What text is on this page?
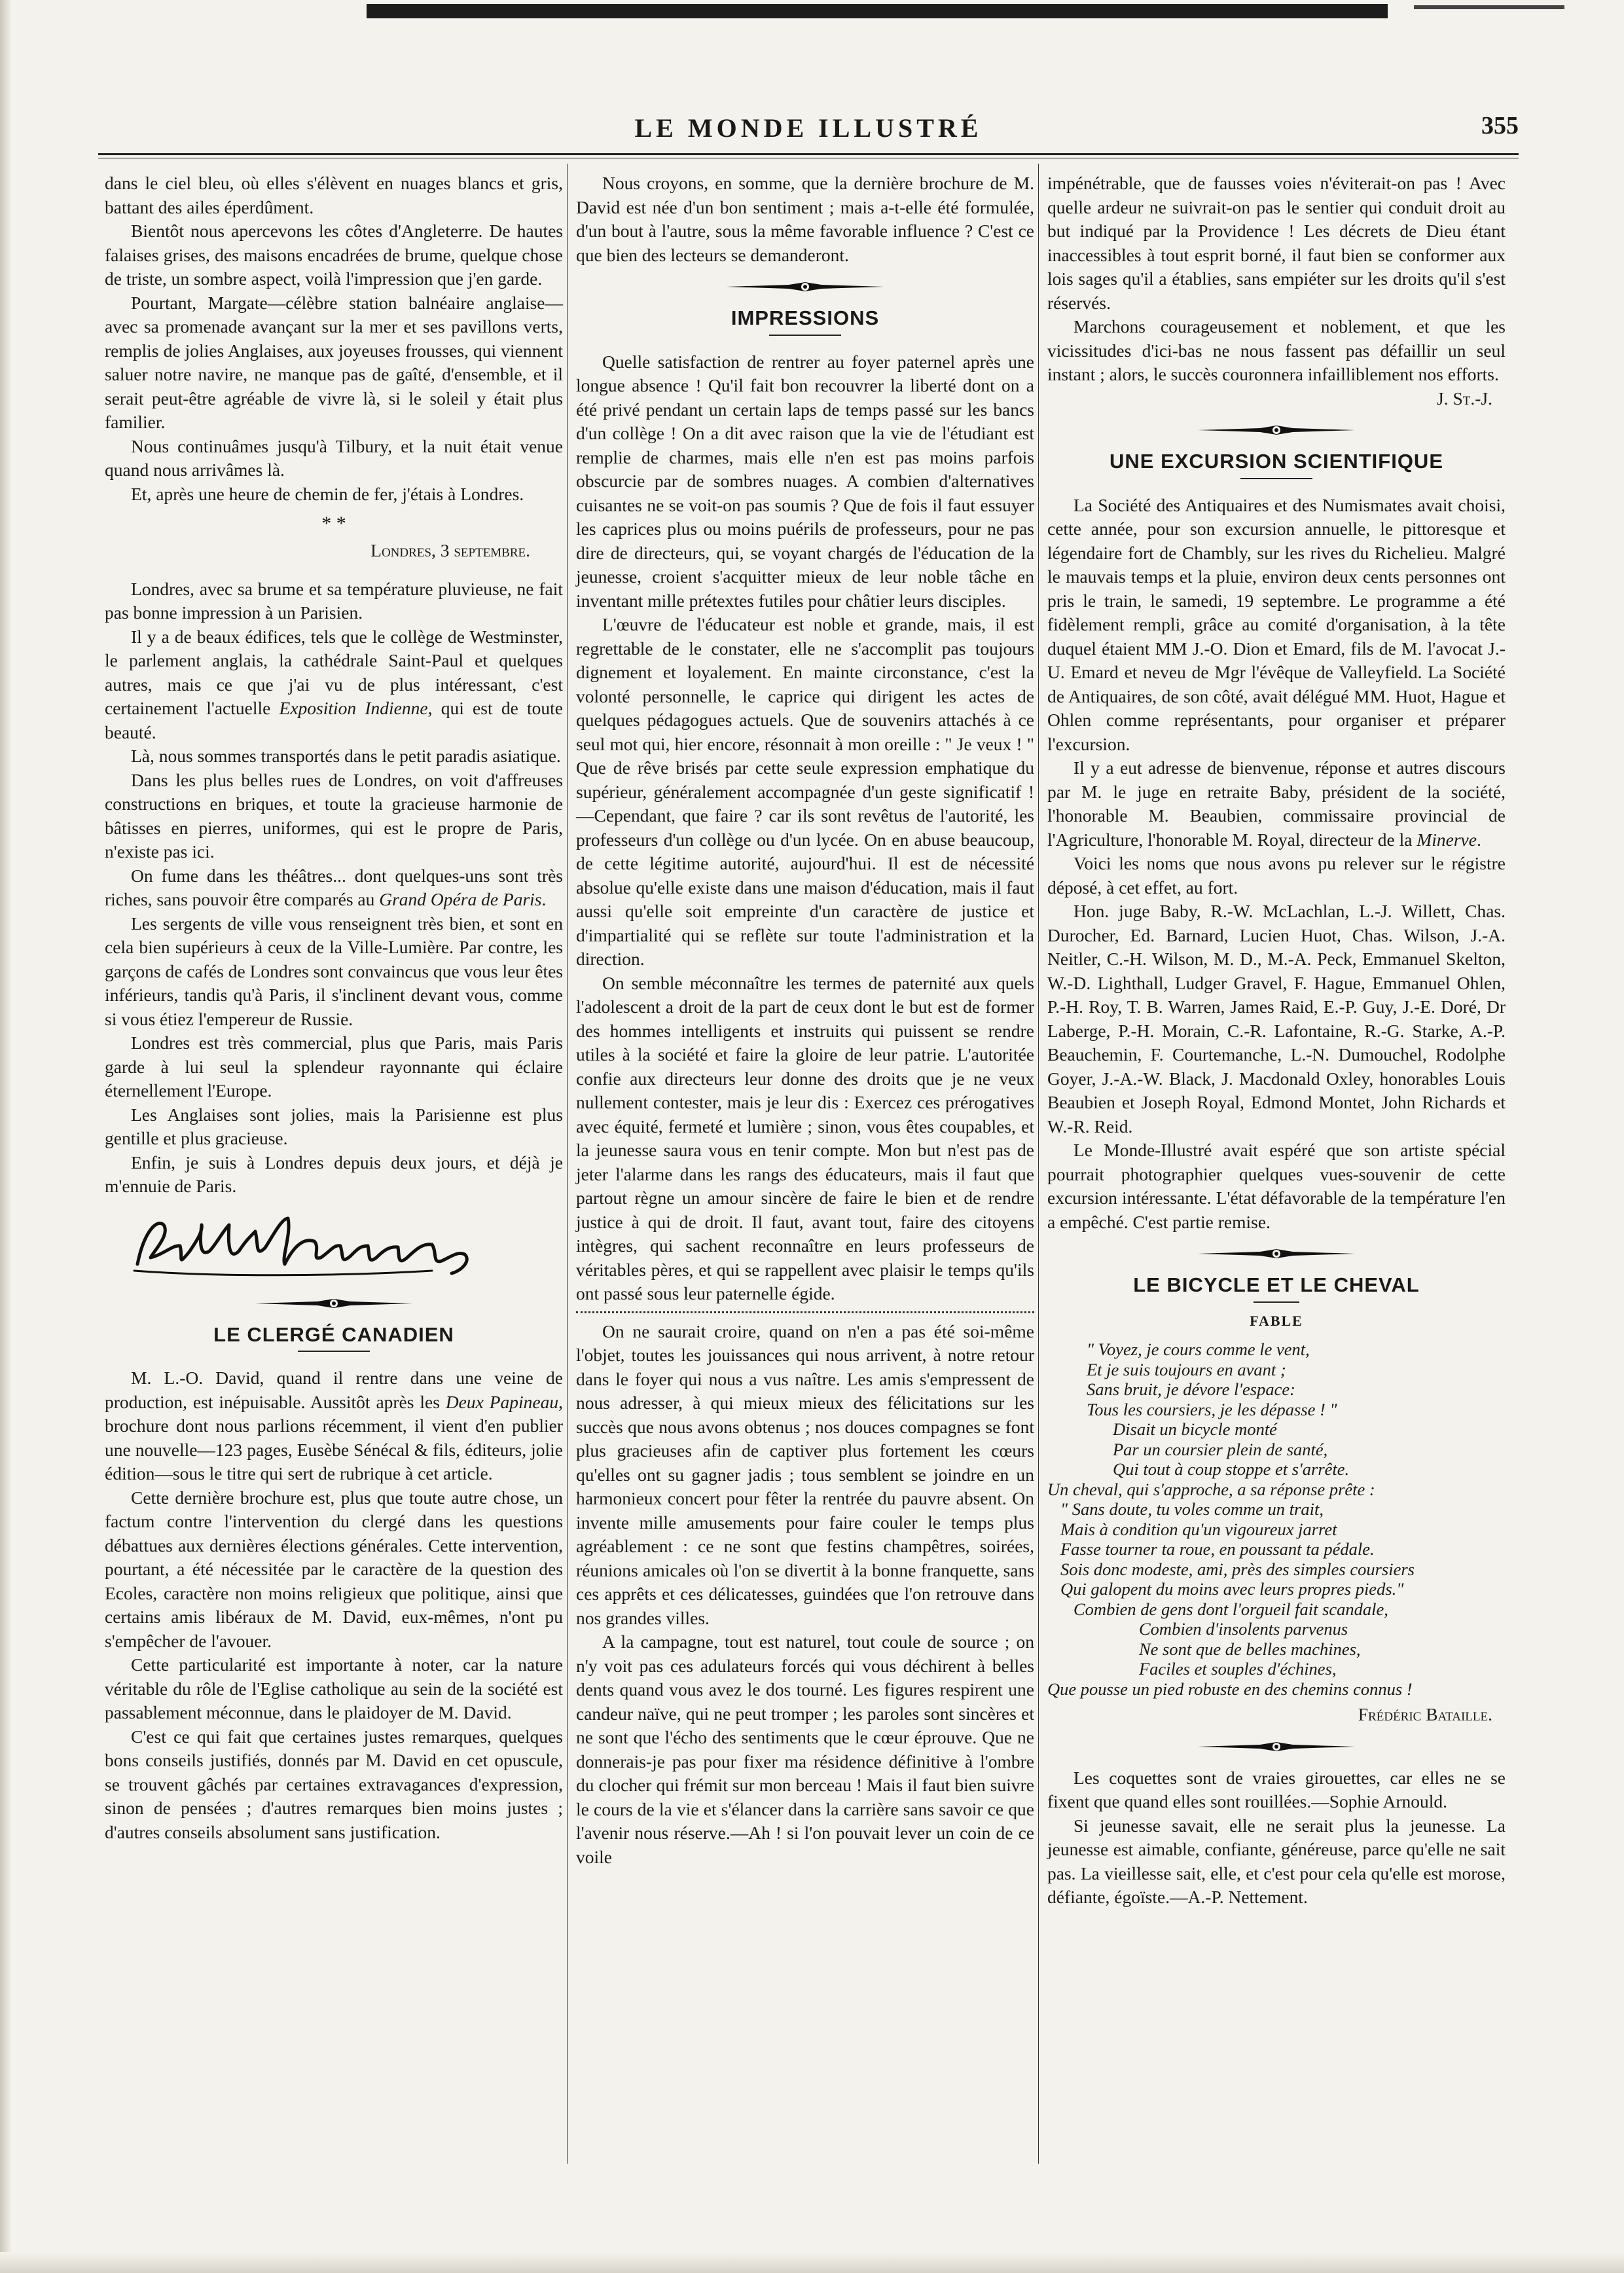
LE MONDE ILLUSTRÉ	355

dans le ciel bleu, où elles s'élèvent en nuages blancs et gris, battant des ailes éperdûment.

Bientôt nous apercevons les côtes d'Angleterre. De hautes falaises grises, des maisons encadrées de brume, quelque chose de triste, un sombre aspect, voilà l'impression que j'en garde.

Pourtant, Margate—célèbre station balnéaire anglaise—avec sa promenade avançant sur la mer et ses pavillons verts, remplis de jolies Anglaises, aux joyeuses frousses, qui viennent saluer notre navire, ne manque pas de gaîté, d'ensemble, et il serait peut-être agréable de vivre là, si le soleil y était plus familier.

Nous continuâmes jusqu'à Tilbury, et la nuit était venue quand nous arrivâmes là.

Et, après une heure de chemin de fer, j'étais à Londres.

* *
Londres, 3 septembre.

Londres, avec sa brume et sa température pluvieuse, ne fait pas bonne impression à un Parisien.

Il y a de beaux édifices, tels que le collège de Westminster, le parlement anglais, la cathédrale Saint-Paul et quelques autres, mais ce que j'ai vu de plus intéressant, c'est certainement l'actuelle Exposition Indienne, qui est de toute beauté.

Là, nous sommes transportés dans le petit paradis asiatique.

Dans les plus belles rues de Londres, on voit d'affreuses constructions en briques, et toute la gracieuse harmonie de bâtisses en pierres, uniformes, qui est le propre de Paris, n'existe pas ici.

On fume dans les théâtres... dont quelques-uns sont très riches, sans pouvoir être comparés au Grand Opéra de Paris.

Les sergents de ville vous renseignent très bien, et sont en cela bien supérieurs à ceux de la Ville-Lumière. Par contre, les garçons de cafés de Londres sont convaincus que vous leur êtes inférieurs, tandis qu'à Paris, il s'inclinent devant vous, comme si vous étiez l'empereur de Russie.

Londres est très commercial, plus que Paris, mais Paris garde à lui seul la splendeur rayonnante qui éclaire éternellement l'Europe.

Les Anglaises sont jolies, mais la Parisienne est plus gentille et plus gracieuse.

Enfin, je suis à Londres depuis deux jours, et déjà je m'ennuie de Paris.

LE CLERGÉ CANADIEN

M. L.-O. David, quand il rentre dans une veine de production, est inépuisable. Aussitôt après les Deux Papineau, brochure dont nous parlions récemment, il vient d'en publier une nouvelle—123 pages, Eusèbe Sénécal & fils, éditeurs, jolie édition—sous le titre qui sert de rubrique à cet article.

Cette dernière brochure est, plus que toute autre chose, un factum contre l'intervention du clergé dans les questions débattues aux dernières élections générales. Cette intervention, pourtant, a été nécessitée par le caractère de la question des Ecoles, caractère non moins religieux que politique, ainsi que certains amis libéraux de M. David, eux-mêmes, n'ont pu s'empêcher de l'avouer.

Cette particularité est importante à noter, car la nature véritable du rôle de l'Eglise catholique au sein de la société est passablement méconnue, dans le plaidoyer de M. David.

C'est ce qui fait que certaines justes remarques, quelques bons conseils justifiés, donnés par M. David en cet opuscule, se trouvent gâchés par certaines extravagances d'expression, sinon de pensées ; d'autres remarques bien moins justes ; d'autres conseils absolument sans justification.

Nous croyons, en somme, que la dernière brochure de M. David est née d'un bon sentiment ; mais a-t-elle été formulée, d'un bout à l'autre, sous la même favorable influence ? C'est ce que bien des lecteurs se demanderont.

IMPRESSIONS

Quelle satisfaction de rentrer au foyer paternel après une longue absence ! Qu'il fait bon recouvrer la liberté dont on a été privé pendant un certain laps de temps passé sur les bancs d'un collège ! On a dit avec raison que la vie de l'étudiant est remplie de charmes, mais elle n'en est pas moins parfois obscurcie par de sombres nuages. A combien d'alternatives cuisantes ne se voit-on pas soumis ? Que de fois il faut essuyer les caprices plus ou moins puérils de professeurs, pour ne pas dire de directeurs, qui, se voyant chargés de l'éducation de la jeunesse, croient s'acquitter mieux de leur noble tâche en inventant mille prétextes futiles pour châtier leurs disciples.

L'œuvre de l'éducateur est noble et grande, mais, il est regrettable de le constater, elle ne s'accomplit pas toujours dignement et loyalement. En mainte circonstance, c'est la volonté personnelle, le caprice qui dirigent les actes de quelques pédagogues actuels. Que de souvenirs attachés à ce seul mot qui, hier encore, résonnait à mon oreille : " Je veux ! " Que de rêve brisés par cette seule expression emphatique du supérieur, généralement accompagnée d'un geste significatif !—Cependant, que faire ? car ils sont revêtus de l'autorité, les professeurs d'un collège ou d'un lycée. On en abuse beaucoup, de cette légitime autorité, aujourd'hui. Il est de nécessité absolue qu'elle existe dans une maison d'éducation, mais il faut aussi qu'elle soit empreinte d'un caractère de justice et d'impartialité qui se reflète sur toute l'administration et la direction.

On semble méconnaître les termes de paternité aux quels l'adolescent a droit de la part de ceux dont le but est de former des hommes intelligents et instruits qui puissent se rendre utiles à la société et faire la gloire de leur patrie. L'autoritée confie aux directeurs leur donne des droits que je ne veux nullement contester, mais je leur dis : Exercez ces prérogatives avec équité, fermeté et lumière ; sinon, vous êtes coupables, et la jeunesse saura vous en tenir compte. Mon but n'est pas de jeter l'alarme dans les rangs des éducateurs, mais il faut que partout règne un amour sincère de faire le bien et de rendre justice à qui de droit. Il faut, avant tout, faire des citoyens intègres, qui sachent reconnaître en leurs professeurs de véritables pères, et qui se rappellent avec plaisir le temps qu'ils ont passé sous leur paternelle égide.

On ne saurait croire, quand on n'en a pas été soi-même l'objet, toutes les jouissances qui nous arrivent, à notre retour dans le foyer qui nous a vus naître. Les amis s'empressent de nous adresser, à qui mieux mieux des félicitations sur les succès que nous avons obtenus ; nos douces compagnes se font plus gracieuses afin de captiver plus fortement les cœurs qu'elles ont su gagner jadis ; tous semblent se joindre en un harmonieux concert pour fêter la rentrée du pauvre absent. On invente mille amusements pour faire couler le temps plus agréablement : ce ne sont que festins champêtres, soirées, réunions amicales où l'on se divertit à la bonne franquette, sans ces apprêts et ces délicatesses, guindées que l'on retrouve dans nos grandes villes.

A la campagne, tout est naturel, tout coule de source ; on n'y voit pas ces adulateurs forcés qui vous déchirent à belles dents quand vous avez le dos tourné. Les figures respirent une candeur naïve, qui ne peut tromper ; les paroles sont sincères et ne sont que l'écho des sentiments que le cœur éprouve. Que ne donnerais-je pas pour fixer ma résidence définitive à l'ombre du clocher qui frémit sur mon berceau ! Mais il faut bien suivre le cours de la vie et s'élancer dans la carrière sans savoir ce que l'avenir nous réserve.—Ah ! si l'on pouvait lever un coin de ce voile

impénétrable, que de fausses voies n'éviterait-on pas ! Avec quelle ardeur ne suivrait-on pas le sentier qui conduit droit au but indiqué par la Providence ! Les décrets de Dieu étant inaccessibles à tout esprit borné, il faut bien se conformer aux lois sages qu'il a établies, sans empiéter sur les droits qu'il s'est réservés.

Marchons courageusement et noblement, et que les vicissitudes d'ici-bas ne nous fassent pas défaillir un seul instant ; alors, le succès couronnera infailliblement nos efforts.

J. St.-J.
UNE EXCURSION SCIENTIFIQUE

La Société des Antiquaires et des Numismates avait choisi, cette année, pour son excursion annuelle, le pittoresque et légendaire fort de Chambly, sur les rives du Richelieu. Malgré le mauvais temps et la pluie, environ deux cents personnes ont pris le train, le samedi, 19 septembre. Le programme a été fidèlement rempli, grâce au comité d'organisation, à la tête duquel étaient MM J.-O. Dion et Emard, fils de M. l'avocat J.-U. Emard et neveu de Mgr l'évêque de Valleyfield. La Société de Antiquaires, de son côté, avait délégué MM. Huot, Hague et Ohlen comme représentants, pour organiser et préparer l'excursion.

Il y a eut adresse de bienvenue, réponse et autres discours par M. le juge en retraite Baby, président de la société, l'honorable M. Beaubien, commissaire provincial de l'Agriculture, l'honorable M. Royal, directeur de la Minerve.

Voici les noms que nous avons pu relever sur le régistre déposé, à cet effet, au fort.

Hon. juge Baby, R.-W. McLachlan, L.-J. Willett, Chas. Durocher, Ed. Barnard, Lucien Huot, Chas. Wilson, J.-A. Neitler, C.-H. Wilson, M. D., M.-A. Peck, Emmanuel Skelton, W.-D. Lighthall, Ludger Gravel, F. Hague, Emmanuel Ohlen, P.-H. Roy, T. B. Warren, James Raid, E.-P. Guy, J.-E. Doré, Dr Laberge, P.-H. Morain, C.-R. Lafontaine, R.-G. Starke, A.-P. Beauchemin, F. Courtemanche, L.-N. Dumouchel, Rodolphe Goyer, J.-A.-W. Black, J. Macdonald Oxley, honorables Louis Beaubien et Joseph Royal, Edmond Montet, John Richards et W.-R. Reid.

Le Monde-Illustré avait espéré que son artiste spécial pourrait photographier quelques vues-souvenir de cette excursion intéressante. L'état défavorable de la température l'en a empêché. C'est partie remise.

LE BICYCLE ET LE CHEVAL
FABLE
" Voyez, je cours comme le vent,
Et je suis toujours en avant ;
Sans bruit, je dévore l'espace:
Tous les coursiers, je les dépasse ! "
Disait un bicycle monté
Par un coursier plein de santé,
Qui tout à coup stoppe et s'arrête.
Un cheval, qui s'approche, a sa réponse prête :
" Sans doute, tu voles comme un trait,
Mais à condition qu'un vigoureux jarret
Fasse tourner ta roue, en poussant ta pédale.
Sois donc modeste, ami, près des simples coursiers
Qui galopent du moins avec leurs propres pieds."
Combien de gens dont l'orgueil fait scandale,
Combien d'insolents parvenus
Ne sont que de belles machines,
Faciles et souples d'échines,
Que pousse un pied robuste en des chemins connus !
Frédéric Bataille.

Les coquettes sont de vraies girouettes, car elles ne se fixent que quand elles sont rouillées.—Sophie Arnould.

Si jeunesse savait, elle ne serait plus la jeunesse. La jeunesse est aimable, confiante, généreuse, parce qu'elle ne sait pas. La vieillesse sait, elle, et c'est pour cela qu'elle est morose, défiante, égoïste.—A.-P. Nettement.
